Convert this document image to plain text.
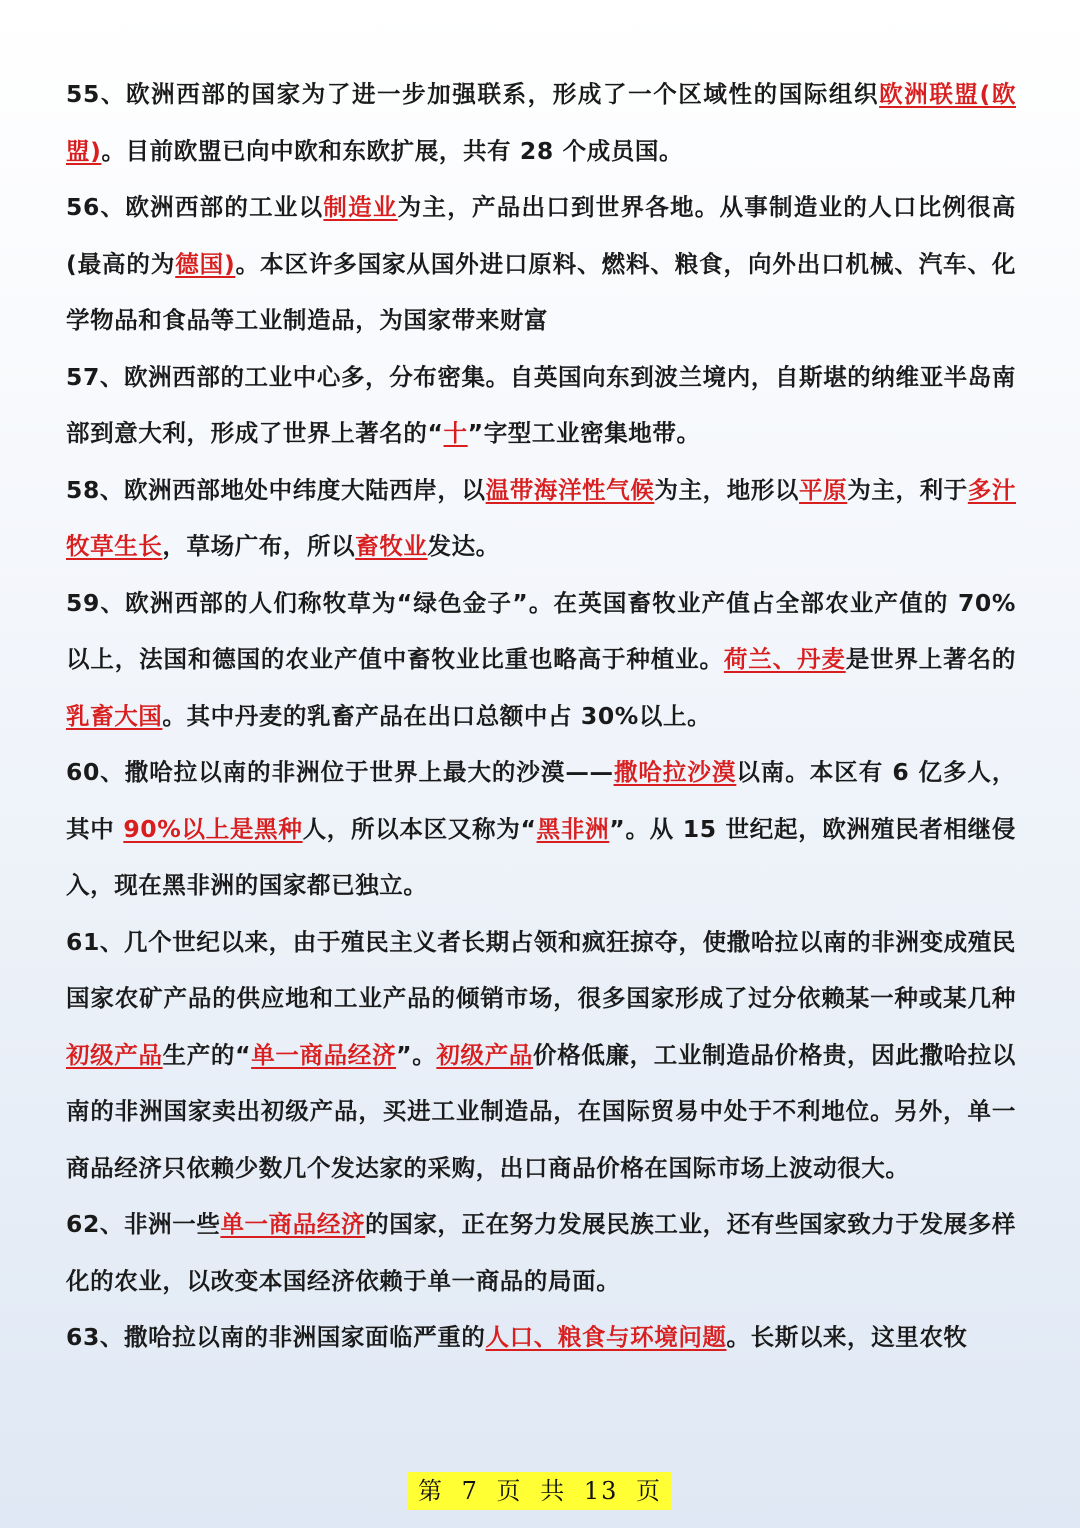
55、欧洲西部的国家为了进一步加强联系，形成了一个区域性的国际组织欧洲联盟(欧盟)。目前欧盟已向中欧和东欧扩展，共有 28 个成员国。

56、欧洲西部的工业以制造业为主，产品出口到世界各地。从事制造业的人口比例很高(最高的为德国)。本区许多国家从国外进口原料、燃料、粮食，向外出口机械、汽车、化学物品和食品等工业制造品，为国家带来财富

57、欧洲西部的工业中心多，分布密集。自英国向东到波兰境内，自斯堪的纳维亚半岛南部到意大利，形成了世界上著名的“十”字型工业密集地带。

58、欧洲西部地处中纬度大陆西岸，以温带海洋性气候为主，地形以平原为主，利于多汁牧草生长，草场广布，所以畜牧业发达。

59、欧洲西部的人们称牧草为“绿色金子”。在英国畜牧业产值占全部农业产值的 70%以上，法国和德国的农业产值中畜牧业比重也略高于种植业。荷兰、丹麦是世界上著名的乳畜大国。其中丹麦的乳畜产品在出口总额中占 30%以上。

60、撒哈拉以南的非洲位于世界上最大的沙漠——撒哈拉沙漠以南。本区有 6 亿多人，其中 90%以上是黑种人，所以本区又称为“黑非洲”。从 15 世纪起，欧洲殖民者相继侵入，现在黑非洲的国家都已独立。

61、几个世纪以来，由于殖民主义者长期占领和疯狂掠夺，使撒哈拉以南的非洲变成殖民国家农矿产品的供应地和工业产品的倾销市场，很多国家形成了过分依赖某一种或某几种初级产品生产的“单一商品经济”。初级产品价格低廉，工业制造品价格贵，因此撒哈拉以南的非洲国家卖出初级产品，买进工业制造品，在国际贸易中处于不利地位。另外，单一商品经济只依赖少数几个发达家的采购，出口商品价格在国际市场上波动很大。

62、非洲一些单一商品经济的国家，正在努力发展民族工业，还有些国家致力于发展多样化的农业，以改变本国经济依赖于单一商品的局面。

63、撒哈拉以南的非洲国家面临严重的人口、粮食与环境问题。长斯以来，这里农牧

第 7 页 共 13 页
